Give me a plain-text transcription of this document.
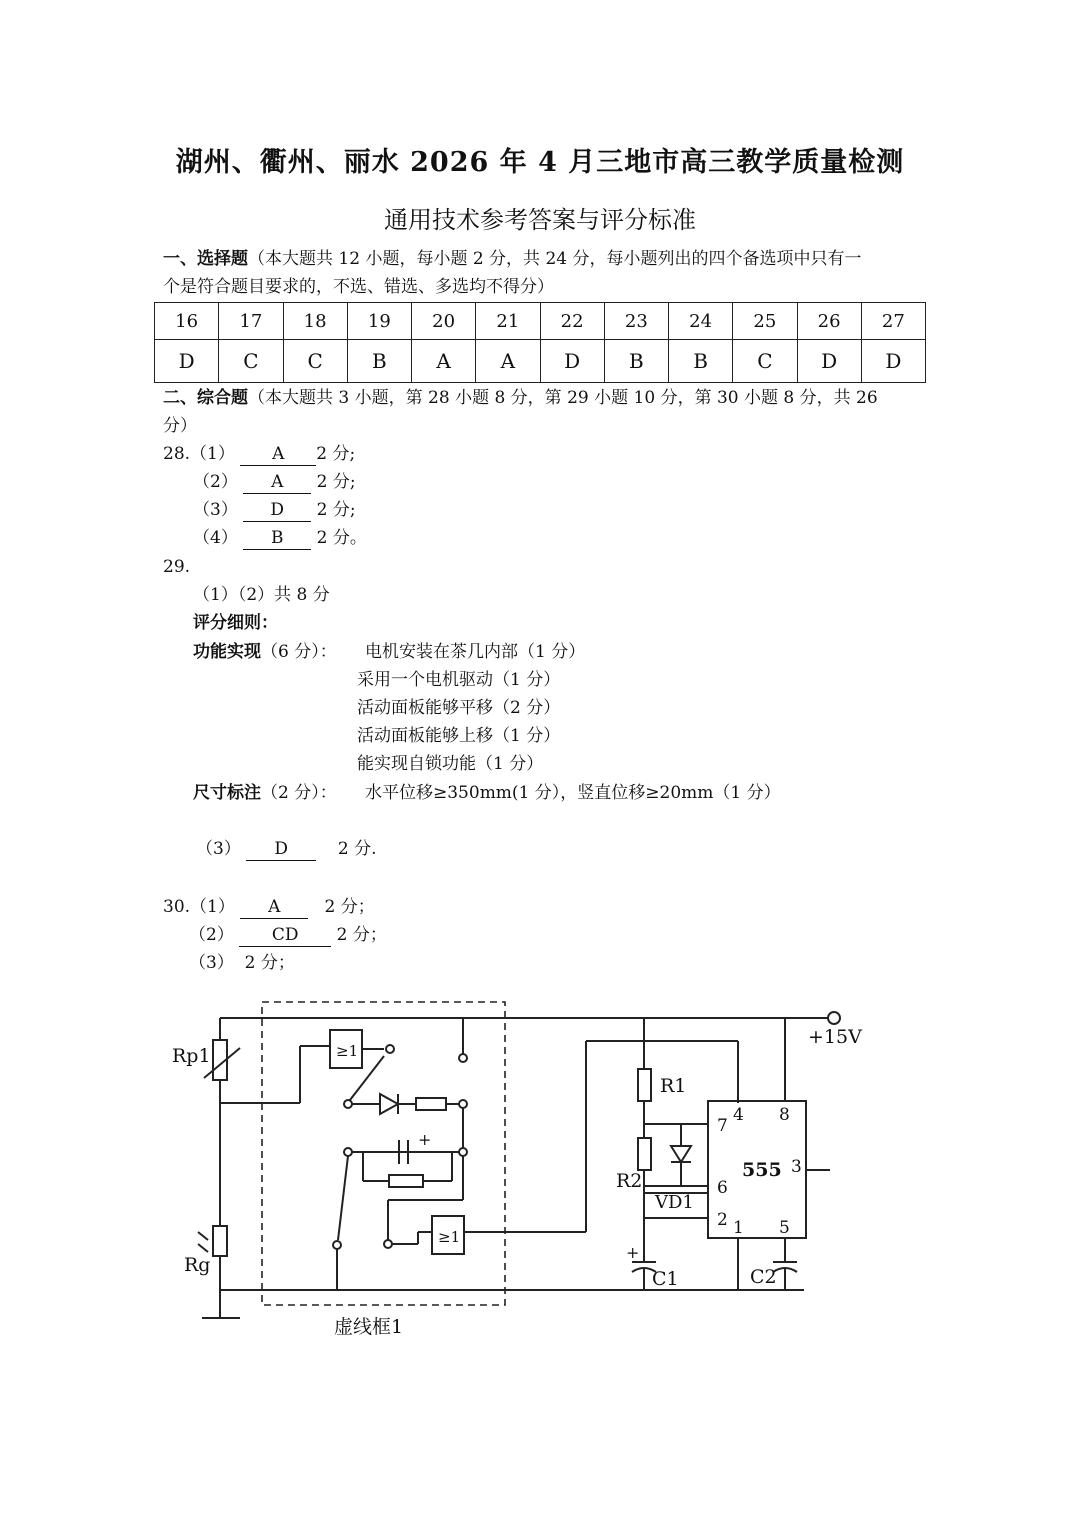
湖州、衢州、丽水 2026 年 4 月三地市高三教学质量检测
通用技术参考答案与评分标准
一、选择题（本大题共 12 小题，每小题 2 分，共 24 分，每小题列出的四个备选项中只有一
个是符合题目要求的，不选、错选、多选均不得分）
16	17	18	19	20	21	22	23	24	25	26	27
D	C	C	B	A	A	D	B	B	C	D	D
二、综合题（本大题共 3 小题，第 28 小题 8 分，第 29 小题 10 分，第 30 小题 8 分，共 26
分）
28.（1） A 2 分;
（2） A 2 分;
（3） D 2 分;
（4） B 2 分。
29.
（1）（2）共 8 分
评分细则：
功能实现（6 分）： 电机安装在茶几内部（1 分）
采用一个电机驱动（1 分）
活动面板能够平移（2 分）
活动面板能够上移（1 分）
能实现自锁功能（1 分）
尺寸标注（2 分）： 水平位移≥350mm(1 分），竖直位移≥20mm（1 分）
（3） D	2 分.
30.（1） A	2 分；
（2） CD 2 分；
（3） 2 分；
Rp1
Rg
R1
R2
VD1
C1	C2
555
+15V
≥1
≥1
+
+
虚线框1
4 8
7
3
6
2 1 5
